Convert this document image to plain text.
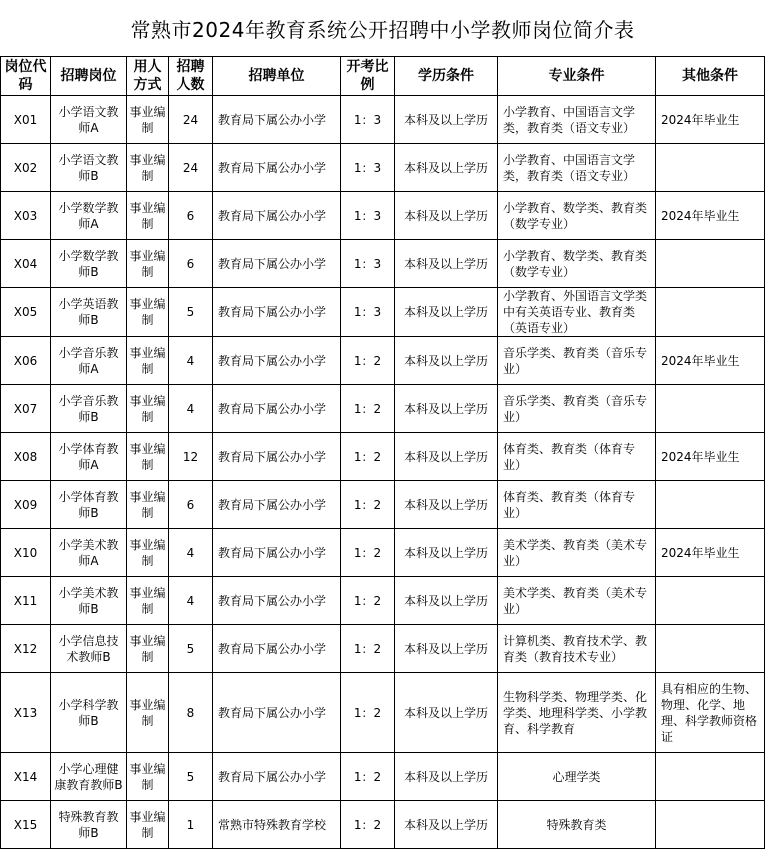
常熟市2024年教育系统公开招聘中小学教师岗位简介表
岗位代码	招聘岗位	用人方式	招聘人数	招聘单位	开考比例	学历条件	专业条件	其他条件
X01	小学语文教师A	事业编制	24	教育局下属公办小学	1：3	本科及以上学历	小学教育、中国语言文学类，教育类（语文专业）	2024年毕业生
X02	小学语文教师B	事业编制	24	教育局下属公办小学	1：3	本科及以上学历	小学教育、中国语言文学类，教育类（语文专业）	
X03	小学数学教师A	事业编制	6	教育局下属公办小学	1：3	本科及以上学历	小学教育、数学类、教育类（数学专业）	2024年毕业生
X04	小学数学教师B	事业编制	6	教育局下属公办小学	1：3	本科及以上学历	小学教育、数学类、教育类（数学专业）	
X05	小学英语教师B	事业编制	5	教育局下属公办小学	1：3	本科及以上学历	小学教育、外国语言文学类中有关英语专业、教育类（英语专业）	
X06	小学音乐教师A	事业编制	4	教育局下属公办小学	1：2	本科及以上学历	音乐学类、教育类（音乐专业）	2024年毕业生
X07	小学音乐教师B	事业编制	4	教育局下属公办小学	1：2	本科及以上学历	音乐学类、教育类（音乐专业）	
X08	小学体育教师A	事业编制	12	教育局下属公办小学	1：2	本科及以上学历	体育类、教育类（体育专业）	2024年毕业生
X09	小学体育教师B	事业编制	6	教育局下属公办小学	1：2	本科及以上学历	体育类、教育类（体育专业）	
X10	小学美术教师A	事业编制	4	教育局下属公办小学	1：2	本科及以上学历	美术学类、教育类（美术专业）	2024年毕业生
X11	小学美术教师B	事业编制	4	教育局下属公办小学	1：2	本科及以上学历	美术学类、教育类（美术专业）	
X12	小学信息技术教师B	事业编制	5	教育局下属公办小学	1：2	本科及以上学历	计算机类、教育技术学、教育类（教育技术专业）	
X13	小学科学教师B	事业编制	8	教育局下属公办小学	1：2	本科及以上学历	生物科学类、物理学类、化学类、地理科学类、小学教育、科学教育	具有相应的生物、物理、化学、地理、科学教师资格证
X14	小学心理健康教育教师B	事业编制	5	教育局下属公办小学	1：2	本科及以上学历	心理学类	
X15	特殊教育教师B	事业编制	1	常熟市特殊教育学校	1：2	本科及以上学历	特殊教育类	
